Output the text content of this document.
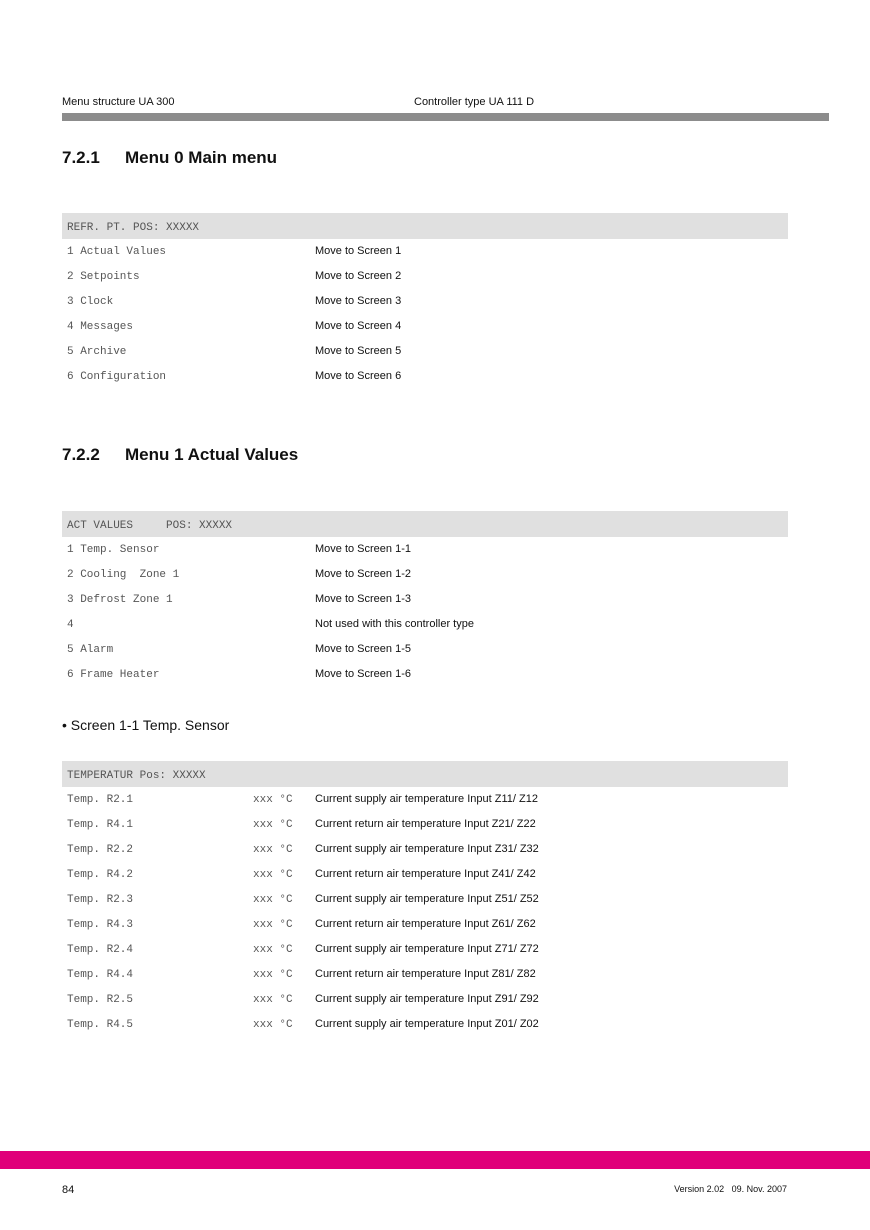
Menu structure UA 300	Controller type UA 111 D
7.2.1 Menu 0 Main menu
REFR. PT. POS: XXXXX
1 Actual Values	Move to Screen 1
2 Setpoints	Move to Screen 2
3 Clock	Move to Screen 3
4 Messages	Move to Screen 4
5 Archive	Move to Screen 5
6 Configuration	Move to Screen 6
7.2.2 Menu 1 Actual Values
ACT VALUES     POS: XXXXX
1 Temp. Sensor	Move to Screen 1-1
2 Cooling  Zone 1	Move to Screen 1-2
3 Defrost Zone 1	Move to Screen 1-3
4	Not used with this controller type
5 Alarm	Move to Screen 1-5
6 Frame Heater	Move to Screen 1-6
• Screen 1-1 Temp. Sensor
TEMPERATUR Pos: XXXXX
Temp. R2.1	xxx °C Current supply air temperature Input Z11/ Z12
Temp. R4.1	xxx °C Current return air temperature Input Z21/ Z22
Temp. R2.2	xxx °C Current supply air temperature Input Z31/ Z32
Temp. R4.2	xxx °C Current return air temperature Input Z41/ Z42
Temp. R2.3	xxx °C Current supply air temperature Input Z51/ Z52
Temp. R4.3	xxx °C Current return air temperature Input Z61/ Z62
Temp. R2.4	xxx °C Current supply air temperature Input Z71/ Z72
Temp. R4.4	xxx °C Current return air temperature Input Z81/ Z82
Temp. R2.5	xxx °C Current supply air temperature Input Z91/ Z92
Temp. R4.5	xxx °C Current supply air temperature Input Z01/ Z02
84	Version 2.02   09. Nov. 2007
